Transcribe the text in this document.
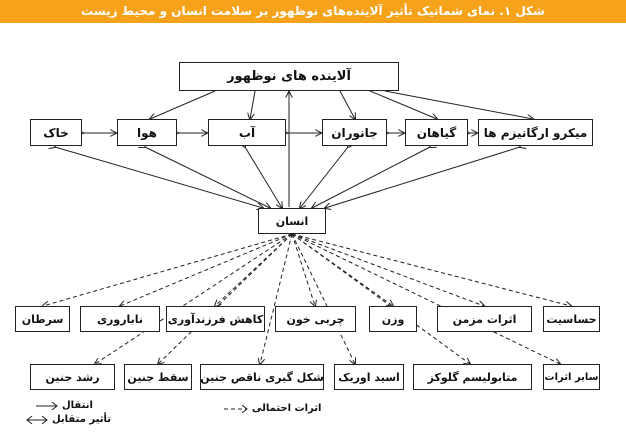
شکل ۱. نمای شماتیک تأثیر آلاینده‌های نوظهور بر سلامت انسان و محیط زیست
آلاینده های نوظهور
میکرو ارگانیزم ها
گیاهان
جانوران
آب
هوا
خاک
انسان
حساسیت
اثرات مزمن
وزن
چربی خون
کاهش فرزندآوری
ناباروری
سرطان
سایر اثرات
متابولیسم گلوکز
اسید اوریک
شکل گیری ناقص جنین
سقط جنین
رشد جنین
انتقال
تأثیر متقابل
اثرات احتمالی
